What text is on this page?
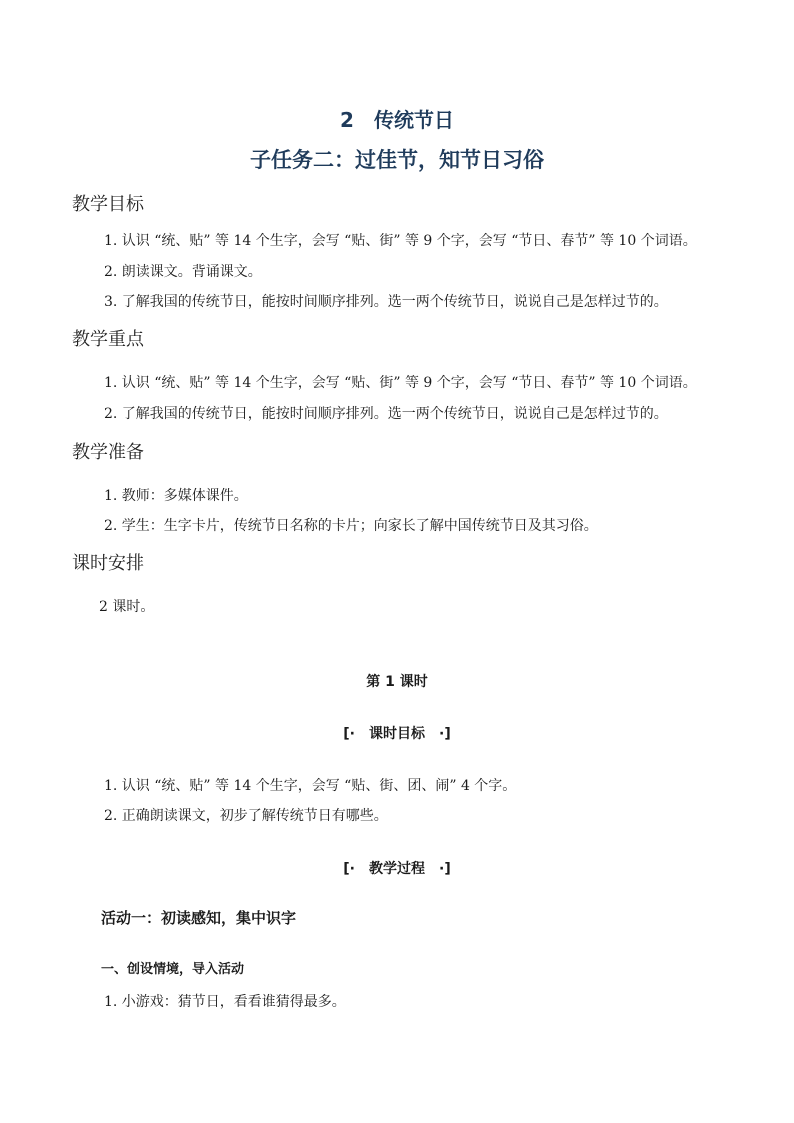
2　传统节日
子任务二：过佳节，知节日习俗
教学目标
1. 认识 “统、贴” 等 14 个生字，会写 “贴、街” 等 9 个字，会写 “节日、春节” 等 10 个词语。
2. 朗读课文。背诵课文。
3. 了解我国的传统节日，能按时间顺序排列。选一两个传统节日，说说自己是怎样过节的。
教学重点
1. 认识 “统、贴” 等 14 个生字，会写 “贴、街” 等 9 个字，会写 “节日、春节” 等 10 个词语。
2. 了解我国的传统节日，能按时间顺序排列。选一两个传统节日，说说自己是怎样过节的。
教学准备
1. 教师：多媒体课件。
2. 学生：生字卡片，传统节日名称的卡片；向家长了解中国传统节日及其习俗。
课时安排
2 课时。
第 1 课时
[·　课时目标　·]
1. 认识 “统、贴” 等 14 个生字，会写 “贴、街、团、闹” 4 个字。
2. 正确朗读课文，初步了解传统节日有哪些。
[·　教学过程　·]
活动一：初读感知，集中识字
一、创设情境，导入活动
1. 小游戏：猜节日，看看谁猜得最多。
